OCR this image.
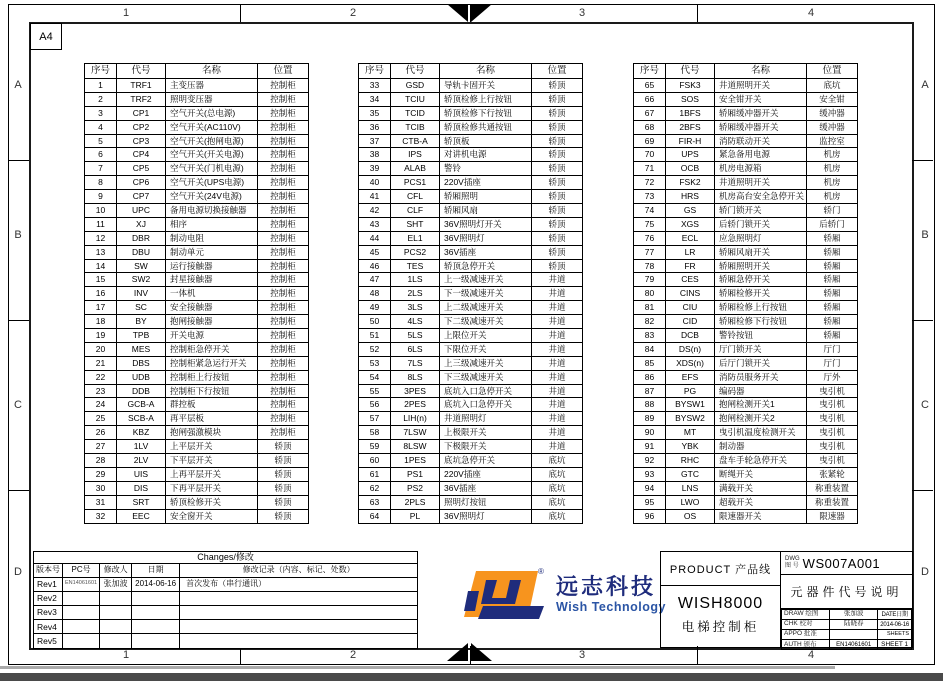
1	2	3	4
1	2	3	4
A
B
C
D
A
B
C
D
A4
序号	代号	名称	位置
1	TRF1	主变压器	控制柜
2	TRF2	照明变压器	控制柜
3	CP1	空气开关(总电源)	控制柜
4	CP2	空气开关(AC110V)	控制柜
5	CP3	空气开关(抱闸电源)	控制柜
6	CP4	空气开关(开关电源)	控制柜
7	CP5	空气开关(门机电源)	控制柜
8	CP6	空气开关(UPS电源)	控制柜
9	CP7	空气开关(24V电源)	控制柜
10	UPC	备用电源切换接触器	控制柜
11	XJ	相序	控制柜
12	DBR	制动电阻	控制柜
13	DBU	制动单元	控制柜
14	SW	运行接触器	控制柜
15	SW2	封星接触器	控制柜
16	INV	一体机	控制柜
17	SC	安全接触器	控制柜
18	BY	抱闸接触器	控制柜
19	TPB	开关电源	控制柜
20	MES	控制柜急停开关	控制柜
21	DBS	控制柜紧急运行开关	控制柜
22	UDB	控制柜上行按钮	控制柜
23	DDB	控制柜下行按钮	控制柜
24	GCB-A	群控板	控制柜
25	SCB-A	再平层板	控制柜
26	KBZ	抱闸强激模块	控制柜
27	1LV	上平层开关	轿顶
28	2LV	下平层开关	轿顶
29	UIS	上再平层开关	轿顶
30	DIS	下再平层开关	轿顶
31	SRT	轿顶检修开关	轿顶
32	EEC	安全窗开关	轿顶
序号	代号	名称	位置
33	GSD	导轨卡固开关	轿顶
34	TCIU	轿顶检修上行按钮	轿顶
35	TCID	轿顶检修下行按钮	轿顶
36	TCIB	轿顶检修共通按钮	轿顶
37	CTB-A	轿顶板	轿顶
38	IPS	对讲机电源	轿顶
39	ALAB	警铃	轿顶
40	PCS1	220V插座	轿顶
41	CFL	轿厢照明	轿顶
42	CLF	轿厢风扇	轿顶
43	SHT	36V照明灯开关	轿顶
44	EL1	36V照明灯	轿顶
45	PCS2	36V插座	轿顶
46	TES	轿顶急停开关	轿顶
47	1LS	上一级减速开关	井道
48	2LS	下一级减速开关	井道
49	3LS	上二级减速开关	井道
50	4LS	下二级减速开关	井道
51	5LS	上限位开关	井道
52	6LS	下限位开关	井道
53	7LS	上三级减速开关	井道
54	8LS	下三级减速开关	井道
55	3PES	底坑入口急停开关	井道
56	2PES	底坑入口急停开关	井道
57	LIH(n)	井道照明灯	井道
58	7LSW	上极限开关	井道
59	8LSW	下极限开关	井道
60	1PES	底坑急停开关	底坑
61	PS1	220V插座	底坑
62	PS2	36V插座	底坑
63	2PLS	照明灯按钮	底坑
64	PL	36V照明灯	底坑
序号	代号	名称	位置
65	FSK3	井道照明开关	底坑
66	SOS	安全钳开关	安全钳
67	1BFS	轿厢缓冲器开关	缓冲器
68	2BFS	轿厢缓冲器开关	缓冲器
69	FIR-H	消防联动开关	监控室
70	UPS	紧急备用电源	机房
71	OCB	机房电源箱	机房
72	FSK2	井道照明开关	机房
73	HRS	机房高台安全急停开关	机房
74	GS	轿门锁开关	轿门
75	XGS	后轿门锁开关	后轿门
76	ECL	应急照明灯	轿厢
77	LR	轿厢风扇开关	轿厢
78	FR	轿厢照明开关	轿厢
79	CES	轿厢急停开关	轿厢
80	CINS	轿厢检修开关	轿厢
81	CIU	轿厢检修上行按钮	轿厢
82	CID	轿厢检修下行按钮	轿厢
83	DCB	警铃按钮	轿厢
84	DS(n)	厅门锁开关	厅门
85	XDS(n)	后厅门锁开关	厅门
86	EFS	消防员服务开关	厅外
87	PG	编码器	曳引机
88	BYSW1	抱闸检测开关1	曳引机
89	BYSW2	抱闸检测开关2	曳引机
90	MT	曳引机温度检测开关	曳引机
91	YBK	制动器	曳引机
92	RHC	盘车手轮急停开关	曳引机
93	GTC	断绳开关	张紧轮
94	LNS	满载开关	称重装置
95	LWO	超载开关	称重装置
96	OS	限速器开关	限速器
Changes/修改				
版本号	PC号	修改人	日期	修改记录（内容、标记、处数）
Rev1	EN14061601	张加波	2014-06-16	首次发布（串行通讯）
Rev2				
Rev3				
Rev4				
Rev5				
®
远志科技
Wish Technology
PRODUCT 产品线
WISH8000
电梯控制柜
DWG
图 号 WS007A001
元器件代号说明
DRAW 绘图	张加波	DATE日期
CHK 校对	陆晓春	2014-06-16
APPO 批准		SHEETS
AUTH 颁布	EN14061601	SHEET 1
